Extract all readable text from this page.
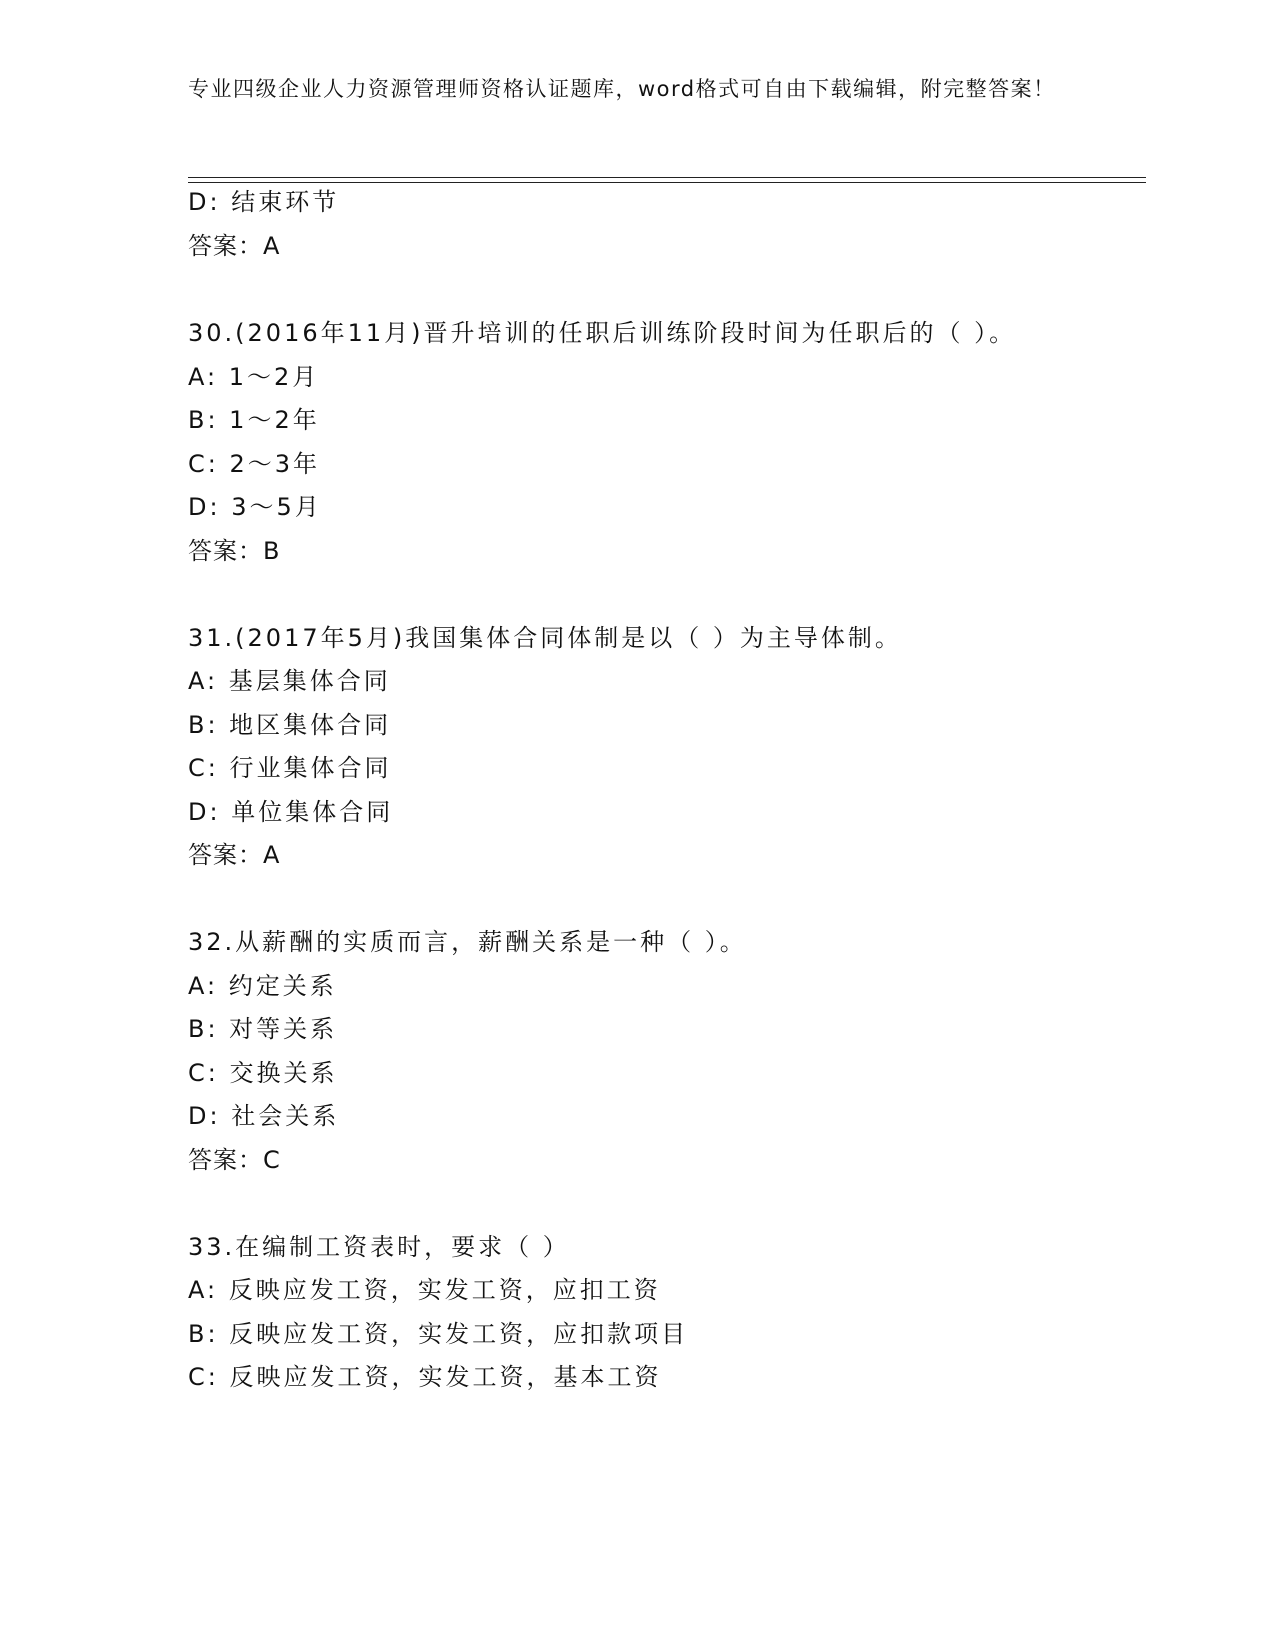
专业四级企业人力资源管理师资格认证题库，word格式可自由下载编辑，附完整答案！
D: 结束环节
答案：A
30.(2016年11月)晋升培训的任职后训练阶段时间为任职后的（ ）。
A: 1～2月
B: 1～2年
C: 2～3年
D: 3～5月
答案：B
31.(2017年5月)我国集体合同体制是以（ ）为主导体制。
A: 基层集体合同
B: 地区集体合同
C: 行业集体合同
D: 单位集体合同
答案：A
32.从薪酬的实质而言，薪酬关系是一种（ ）。
A: 约定关系
B: 对等关系
C: 交换关系
D: 社会关系
答案：C
33.在编制工资表时，要求（ ）
A: 反映应发工资，实发工资，应扣工资
B: 反映应发工资，实发工资，应扣款项目
C: 反映应发工资，实发工资，基本工资
